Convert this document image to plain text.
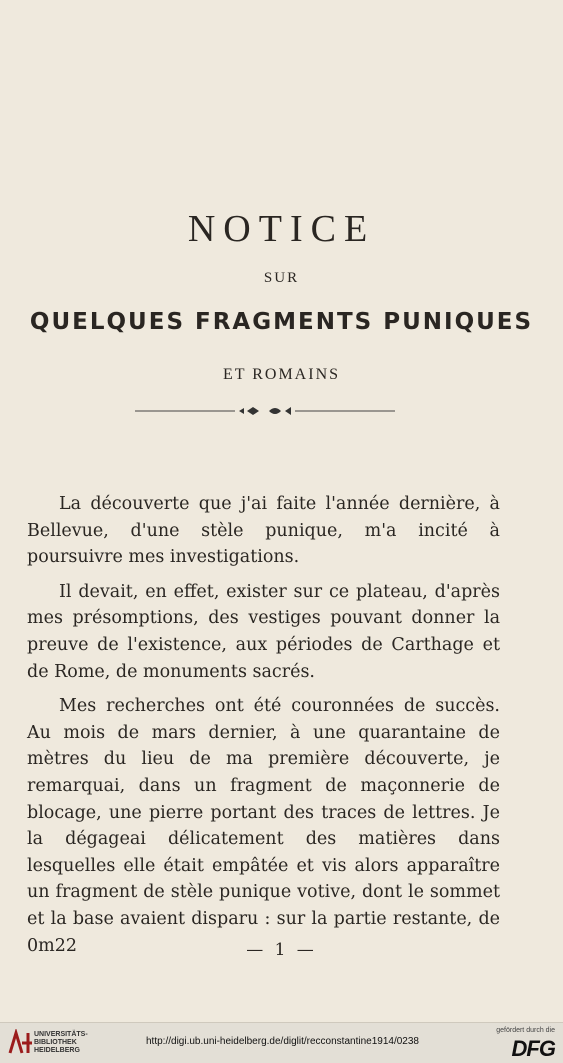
NOTICE
SUR
QUELQUES FRAGMENTS PUNIQUES
ET ROMAINS

La découverte que j'ai faite l'année dernière, à Bellevue, d'une stèle punique, m'a incité à poursuivre mes investigations.

Il devait, en effet, exister sur ce plateau, d'après mes présomptions, des vestiges pouvant donner la preuve de l'existence, aux périodes de Carthage et de Rome, de monuments sacrés.

Mes recherches ont été couronnées de succès. Au mois de mars dernier, à une quarantaine de mètres du lieu de ma première découverte, je remarquai, dans un fragment de maçonnerie de blocage, une pierre portant des traces de lettres. Je la dégageai délicatement des matières dans lesquelles elle était empâtée et vis alors apparaître un fragment de stèle punique votive, dont le sommet et la base avaient disparu : sur la partie restante, de 0m22	— 1 —
UNIVERSITÄTS-
BIBLIOTHEK
HEIDELBERG
http://digi.ub.uni-heidelberg.de/diglit/recconstantine1914/0238
gefördert durch die
DFG
